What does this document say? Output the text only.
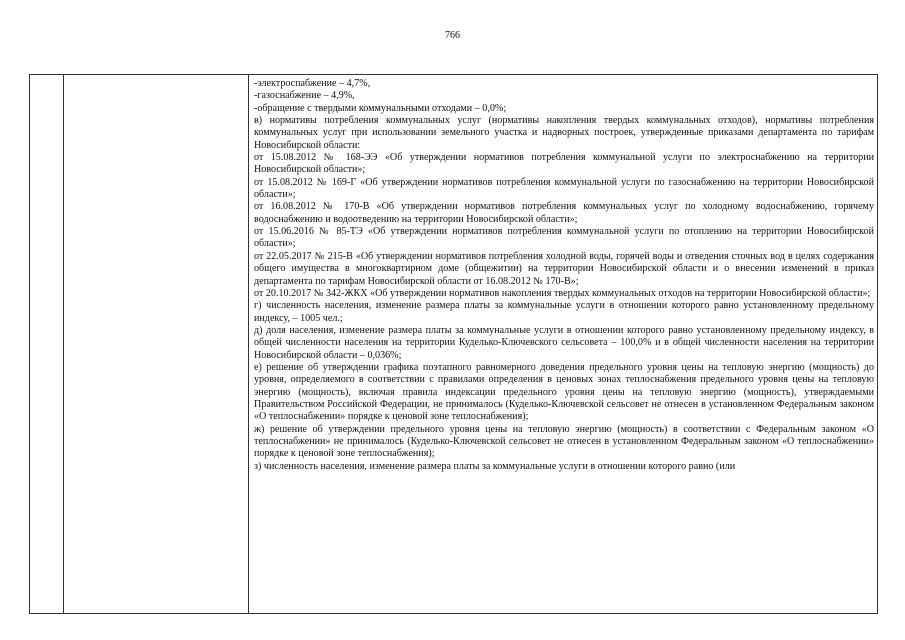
766

-электроспабжение – 4,7%,

-газоснабжение – 4,9%,

-обращение с твердыми коммунальными отходами – 0,0%;

в) нормативы потребления коммунальных услуг (нормативы накопления твердых коммунальных отходов), нормативы потребления коммунальных услуг при использовании земельного участка и надворных построек, утвержденные приказами департамента по тарифам Новосибирской области:

от 15.08.2012 № 168-ЭЭ «Об утверждении нормативов потребления коммунальной услуги по электроснабжению на территории Новосибирской области»;

от 15.08.2012 № 169-Г «Об утверждении нормативов потребления коммунальной услуги по газоснабжению на территории Новосибирской области»;

от 16.08.2012 № 170-В «Об утверждении нормативов потребления коммунальных услуг по холодному водоснабжению, горячему водоснабжению и водоотведению на территории Новосибирской области»;

от 15.06.2016 № 85-ТЭ «Об утверждении нормативов потребления коммунальной услуги по отоплению на территории Новосибирской области»;

от 22.05.2017 № 215-В «Об утверждении нормативов потребления холодной воды, горячей воды и отведения сточных вод в целях содержания общего имущества в многоквартирном доме (общежитии) на территории Новосибирской области и о внесении изменений в приказ департамента по тарифам Новосибирской области от 16.08.2012 № 170-В»;

от 20.10.2017 № 342-ЖКХ «Об утверждении нормативов накопления твердых коммунальных отходов на территории Новосибирской области»;

г) численность населения, изменение размера платы за коммунальные услуги в отношении которого равно установленному предельному индексу, – 1005 чел.;

д) доля населения, изменение размера платы за коммунальные услуги в отношении которого равно установленному предельному индексу, в общей численности населения на территории Куделько-Ключевского сельсовета – 100,0% и в общей численности населения на территории Новосибирской области – 0,036%;

е) решение об утверждении графика поэтапного равномерного доведения предельного уровня цены на тепловую энергию (мощность) до уровня, определяемого в соответствии с правилами определения в ценовых зонах теплоснабжения предельного уровня цены на тепловую энергию (мощность), включая правила индексации предельного уровня цены на тепловую энергию (мощность), утверждаемыми Правительством Российской Федерации, не принималось (Куделько-Ключевской сельсовет не отнесен в установленном Федеральным законом «О теплоснабжении» порядке к ценовой зоне теплоснабжения);

ж) решение об утверждении предельного уровня цены на тепловую энергию (мощность) в соответствии с Федеральным законом «О теплоснабжении» не принималось (Куделько-Ключевской сельсовет не отнесен в установленном Федеральным законом «О теплоснабжении» порядке к ценовой зоне теплоснабжения);

з) численность населения, изменение размера платы за коммунальные услуги в отношении которого равно (или
